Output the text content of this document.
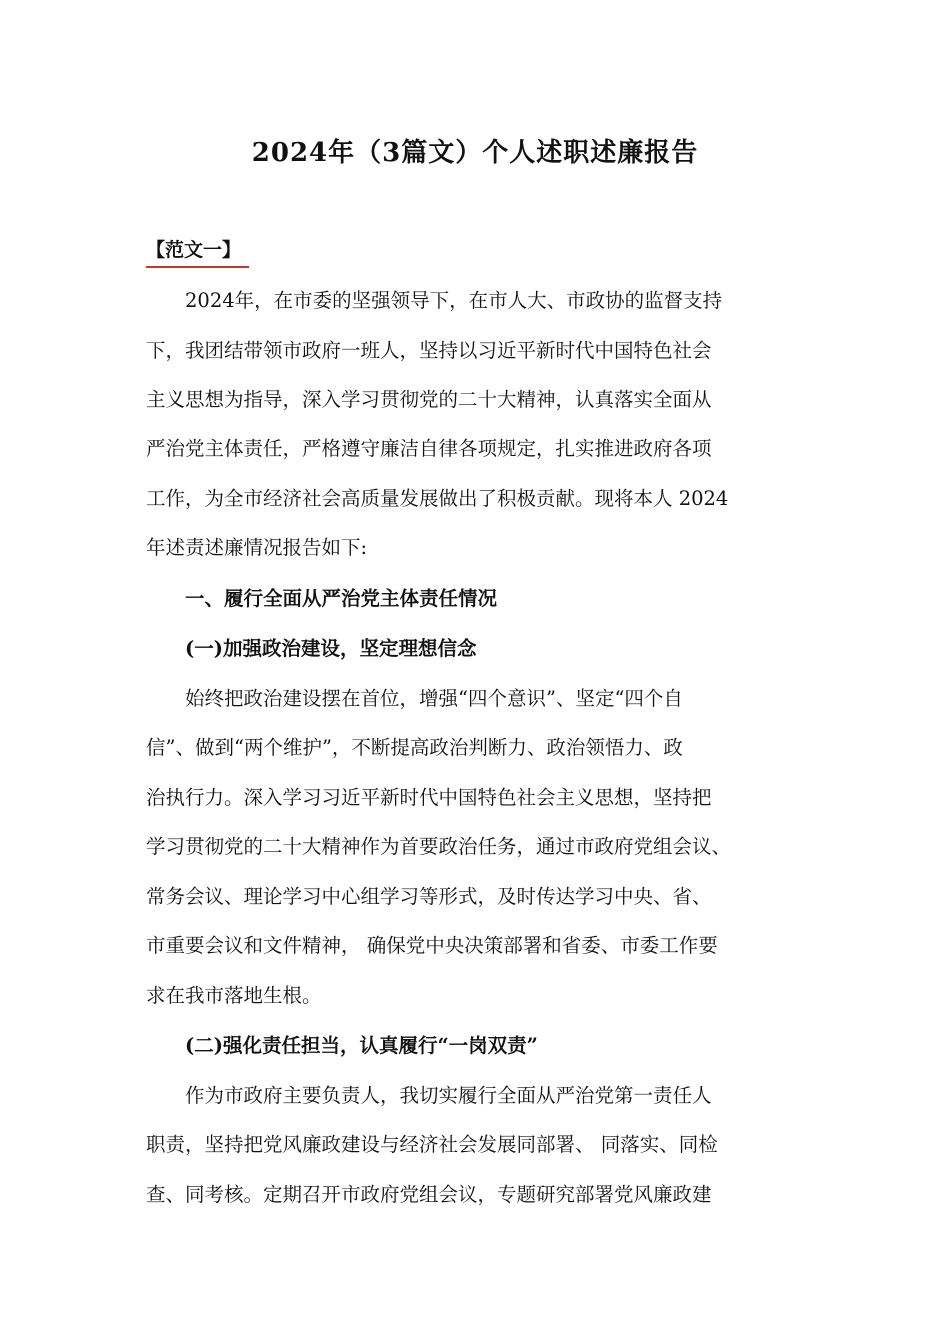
2024年（3篇文）个人述职述廉报告
【范文一】
2024年，在市委的坚强领导下，在市人大、市政协的监督支持
下，我团结带领市政府一班人，坚持以习近平新时代中国特色社会
主义思想为指导，深入学习贯彻党的二十大精神，认真落实全面从
严治党主体责任，严格遵守廉洁自律各项规定，扎实推进政府各项
工作，为全市经济社会高质量发展做出了积极贡献。现将本人 2024
年述责述廉情况报告如下:
一、履行全面从严治党主体责任情况
(一)加强政治建设，坚定理想信念
始终把政治建设摆在首位，增强“四个意识”、坚定“四个自
信”、做到“两个维护”，不断提高政治判断力、政治领悟力、政
治执行力。深入学习习近平新时代中国特色社会主义思想，坚持把
学习贯彻党的二十大精神作为首要政治任务，通过市政府党组会议、
常务会议、理论学习中心组学习等形式，及时传达学习中央、省、
市重要会议和文件精神， 确保党中央决策部署和省委、市委工作要
求在我市落地生根。
(二)强化责任担当，认真履行“一岗双责”
作为市政府主要负责人，我切实履行全面从严治党第一责任人
职责，坚持把党风廉政建设与经济社会发展同部署、 同落实、同检
查、同考核。定期召开市政府党组会议，专题研究部署党风廉政建
